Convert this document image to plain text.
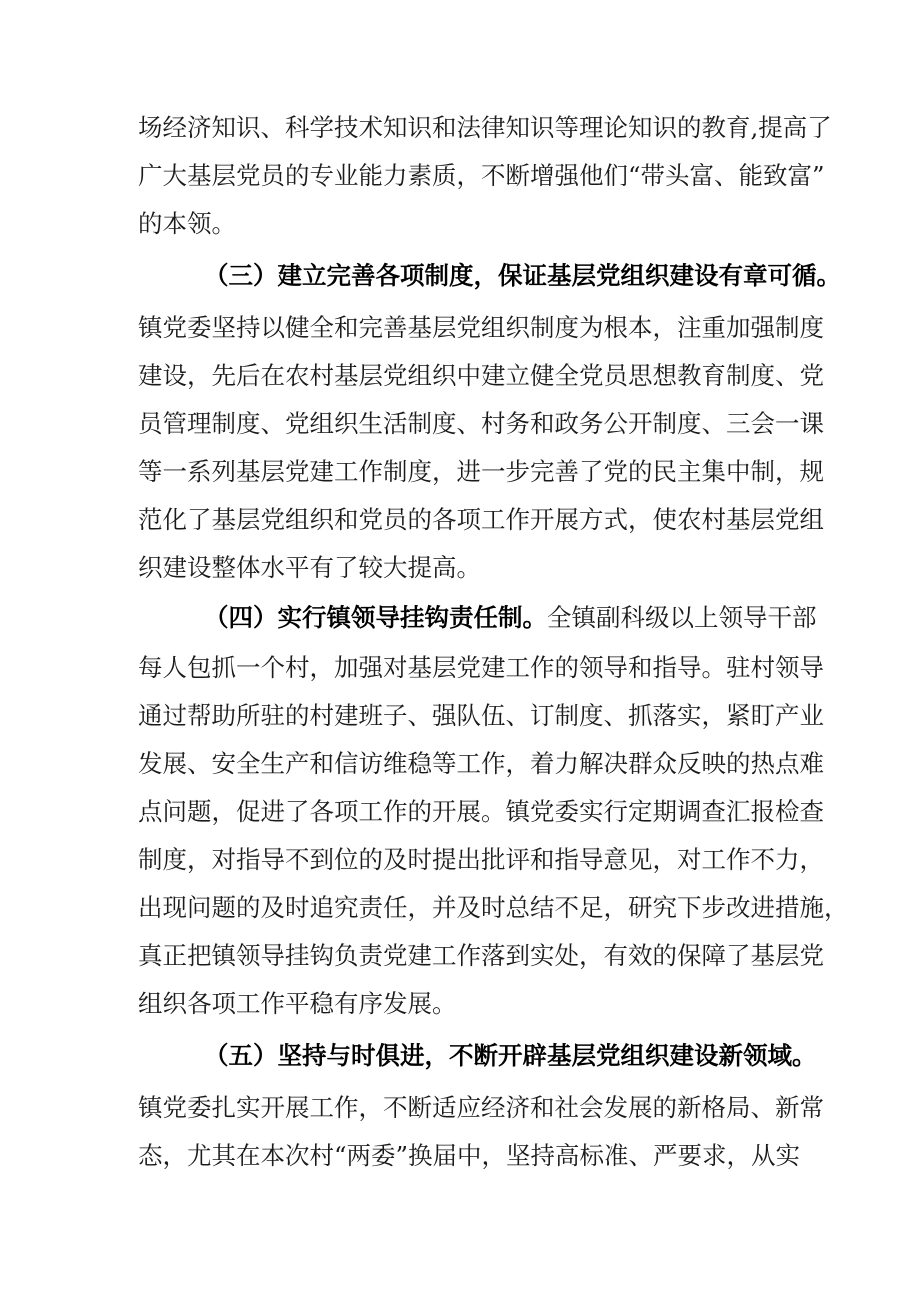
场经济知识、科学技术知识和法律知识等理论知识的教育,提高了
广大基层党员的专业能力素质，不断增强他们“带头富、能致富”
的本领。
（三）建立完善各项制度，保证基层党组织建设有章可循。
镇党委坚持以健全和完善基层党组织制度为根本，注重加强制度
建设，先后在农村基层党组织中建立健全党员思想教育制度、党
员管理制度、党组织生活制度、村务和政务公开制度、三会一课
等一系列基层党建工作制度，进一步完善了党的民主集中制，规
范化了基层党组织和党员的各项工作开展方式，使农村基层党组
织建设整体水平有了较大提高。
（四）实行镇领导挂钩责任制。全镇副科级以上领导干部
每人包抓一个村，加强对基层党建工作的领导和指导。驻村领导
通过帮助所驻的村建班子、强队伍、订制度、抓落实，紧盯产业
发展、安全生产和信访维稳等工作，着力解决群众反映的热点难
点问题，促进了各项工作的开展。镇党委实行定期调查汇报检查
制度，对指导不到位的及时提出批评和指导意见，对工作不力，
出现问题的及时追究责任，并及时总结不足，研究下步改进措施，
真正把镇领导挂钩负责党建工作落到实处，有效的保障了基层党
组织各项工作平稳有序发展。
（五）坚持与时俱进，不断开辟基层党组织建设新领域。
镇党委扎实开展工作，不断适应经济和社会发展的新格局、新常
态，尤其在本次村“两委”换届中，坚持高标准、严要求，从实
